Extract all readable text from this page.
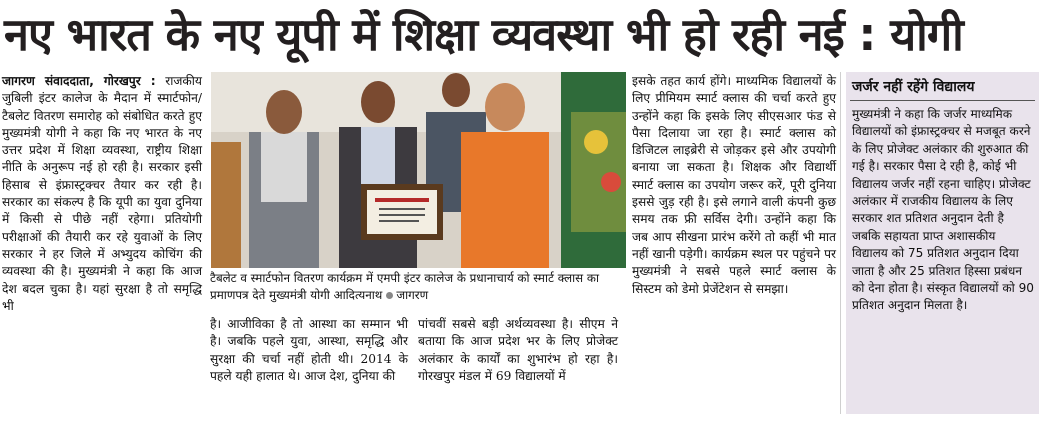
नए भारत के नए यूपी में शिक्षा व्यवस्था भी हो रही नई : योगी

जागरण संवाददाता, गोरखपुर : राजकीय जुबिली इंटर कालेज के मैदान में स्मार्टफोन/टैबलेट वितरण समारोह को संबोधित करते हुए मुख्यमंत्री योगी ने कहा कि नए भारत के नए उत्तर प्रदेश में शिक्षा व्यवस्था, राष्ट्रीय शिक्षा नीति के अनुरूप नई हो रही है। सरकार इसी हिसाब से इंफ्रास्ट्रक्चर तैयार कर रही है। सरकार का संकल्प है कि यूपी का युवा दुनिया में किसी से पीछे नहीं रहेगा। प्रतियोगी परीक्षाओं की तैयारी कर रहे युवाओं के लिए सरकार ने हर जिले में अभ्युदय कोचिंग की व्यवस्था की है। मुख्यमंत्री ने कहा कि आज देश बदल चुका है। यहां सुरक्षा है तो समृद्धि भी

टैबलेट व स्मार्टफोन वितरण कार्यक्रम में एमपी इंटर कालेज के प्रधानाचार्य को स्मार्ट क्लास का प्रमाणपत्र देते मुख्यमंत्री योगी आदित्यनाथ जागरण

है। आजीविका है तो आस्था का सम्मान भी है। जबकि पहले युवा, आस्था, समृद्धि और सुरक्षा की चर्चा नहीं होती थी। 2014 के पहले यही हालात थे। आज देश, दुनिया की

पांचवीं सबसे बड़ी अर्थव्यवस्था है। सीएम ने बताया कि आज प्रदेश भर के लिए प्रोजेक्ट अलंकार के कार्यों का शुभारंभ हो रहा है। गोरखपुर मंडल में 69 विद्यालयों में

इसके तहत कार्य होंगे। माध्यमिक विद्यालयों के लिए प्रीमियम स्मार्ट क्लास की चर्चा करते हुए उन्होंने कहा कि इसके लिए सीएसआर फंड से पैसा दिलाया जा रहा है। स्मार्ट क्लास को डिजिटल लाइब्रेरी से जोड़कर इसे और उपयोगी बनाया जा सकता है। शिक्षक और विद्यार्थी स्मार्ट क्लास का उपयोग जरूर करें, पूरी दुनिया इससे जुड़ रही है। इसे लगाने वाली कंपनी कुछ समय तक फ्री सर्विस देगी। उन्होंने कहा कि जब आप सीखना प्रारंभ करेंगे तो कहीं भी मात नहीं खानी पड़ेगी। कार्यक्रम स्थल पर पहुंचने पर मुख्यमंत्री ने सबसे पहले स्मार्ट क्लास के सिस्टम को डेमो प्रेजेंटेशन से समझा।

जर्जर नहीं रहेंगे विद्यालय

मुख्यमंत्री ने कहा कि जर्जर माध्यमिक विद्यालयों को इंफ्रास्ट्रक्चर से मजबूत करने के लिए प्रोजेक्ट अलंकार की शुरुआत की गई है। सरकार पैसा दे रही है, कोई भी विद्यालय जर्जर नहीं रहना चाहिए। प्रोजेक्ट अलंकार में राजकीय विद्यालय के लिए सरकार शत प्रतिशत अनुदान देती है जबकि सहायता प्राप्त अशासकीय विद्यालय को 75 प्रतिशत अनुदान दिया जाता है और 25 प्रतिशत हिस्सा प्रबंधन को देना होता है। संस्कृत विद्यालयों को 90 प्रतिशत अनुदान मिलता है।
